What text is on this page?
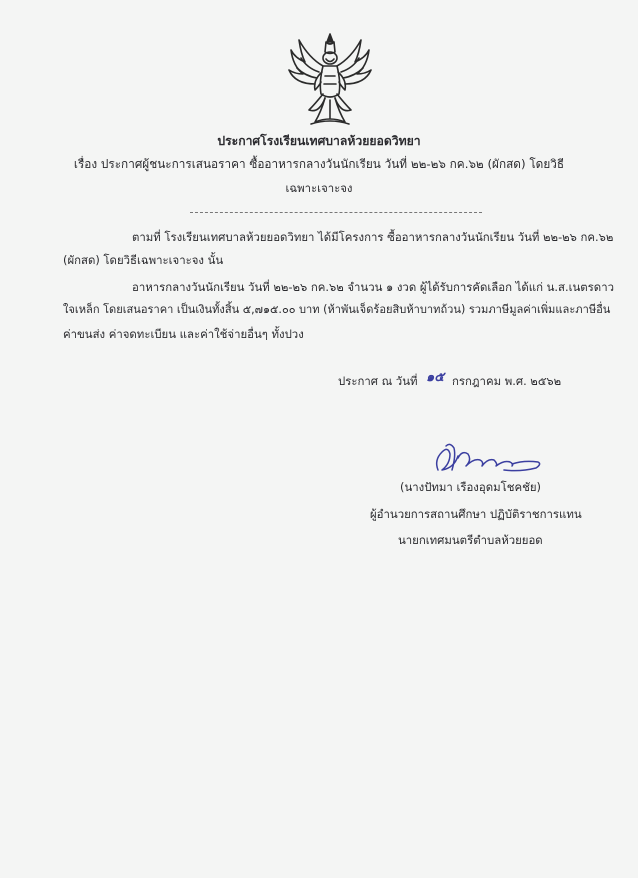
ประกาศโรงเรียนเทศบาลห้วยยอดวิทยา
เรื่อง ประกาศผู้ชนะการเสนอราคา ซื้ออาหารกลางวันนักเรียน วันที่ ๒๒-๒๖ กค.๖๒ (ผักสด) โดยวิธี
เฉพาะเจาะจง
ตามที่ โรงเรียนเทศบาลห้วยยอดวิทยา ได้มีโครงการ ซื้ออาหารกลางวันนักเรียน วันที่ ๒๒-๒๖ กค.๖๒
(ผักสด) โดยวิธีเฉพาะเจาะจง นั้น
อาหารกลางวันนักเรียน วันที่ ๒๒-๒๖ กค.๖๒ จำนวน ๑ งวด ผู้ได้รับการคัดเลือก ได้แก่ น.ส.เนตรดาว
ใจเหล็ก โดยเสนอราคา เป็นเงินทั้งสิ้น ๕,๗๑๕.๐๐ บาท (ห้าพันเจ็ดร้อยสิบห้าบาทถ้วน) รวมภาษีมูลค่าเพิ่มและภาษีอื่น
ค่าขนส่ง ค่าจดทะเบียน และค่าใช้จ่ายอื่นๆ ทั้งปวง
ประกาศ ณ วันที่ ๑๕ กรกฎาคม พ.ศ. ๒๕๖๒
(นางปัทมา เรืองอุดมโชคชัย)
ผู้อำนวยการสถานศึกษา ปฏิบัติราชการแทน
นายกเทศมนตรีตำบลห้วยยอด
